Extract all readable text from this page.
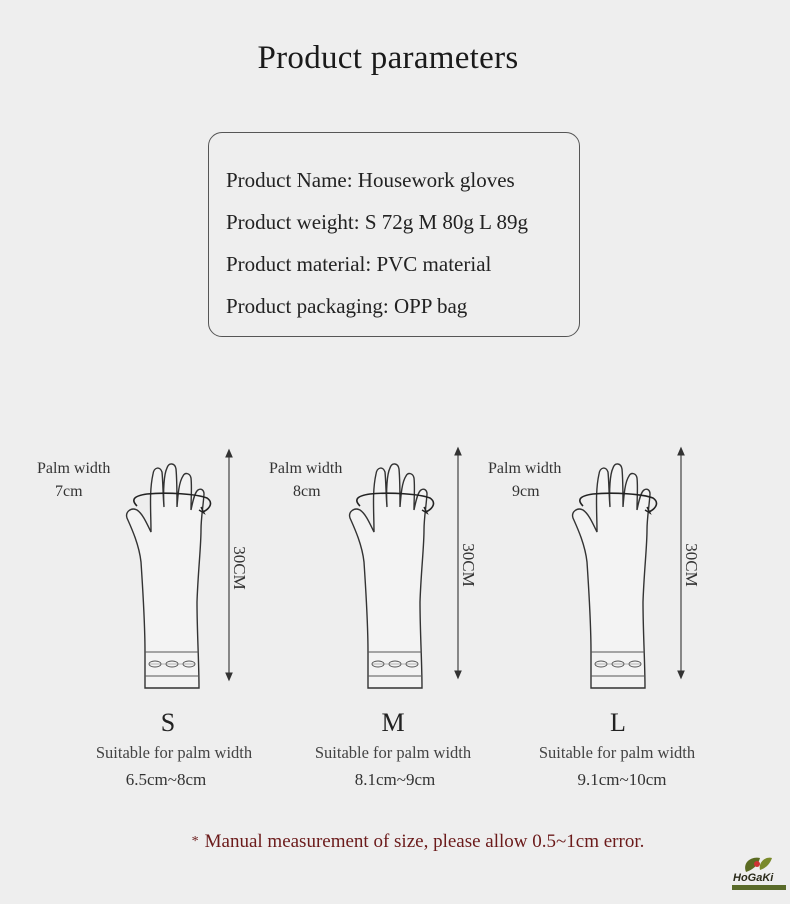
Product parameters
Product Name: Housework gloves
Product weight: S 72g M 80g L 89g
Product material: PVC material
Product packaging: OPP bag
Palm width
7cm
Palm width
8cm
Palm width
9cm
30CM	30CM	30CM
S	M	L
Suitable for palm width	Suitable for palm width	Suitable for palm width
6.5cm~8cm	8.1cm~9cm	9.1cm~10cm
* Manual measurement of size, please allow 0.5~1cm error.
HoGaKi
